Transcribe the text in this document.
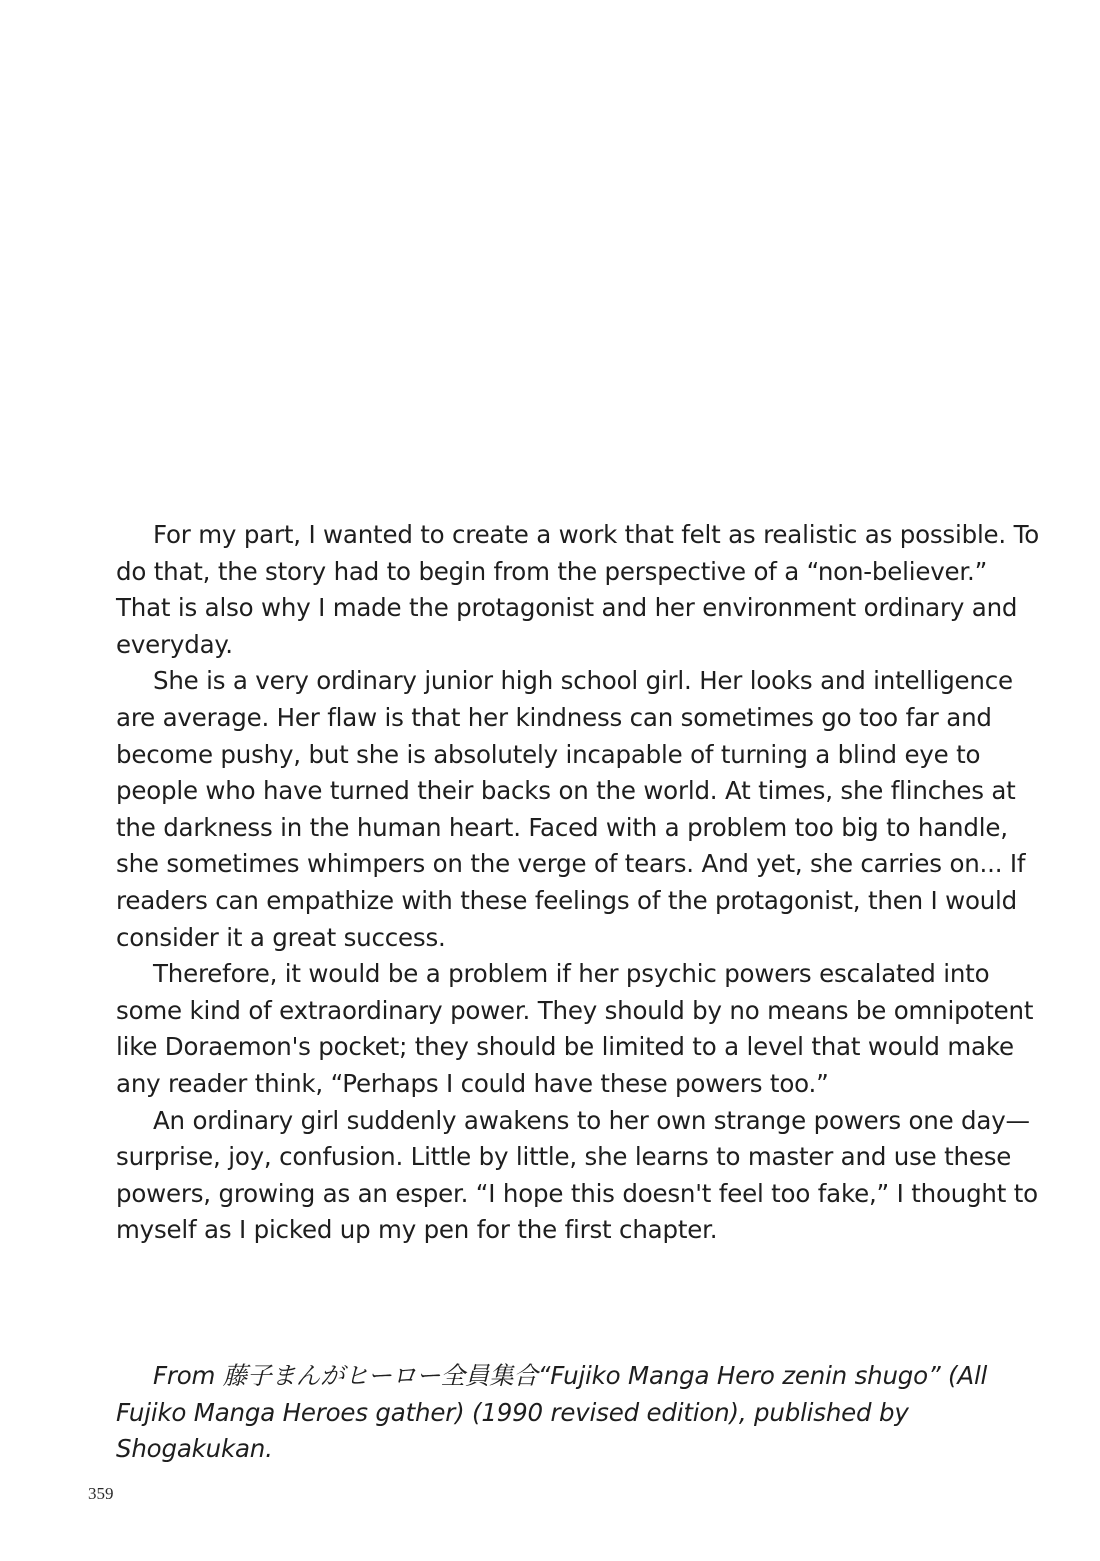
For my part, I wanted to create a work that felt as realistic as possible. To do that, the story had to begin from the perspective of a “non-believer.” That is also why I made the protagonist and her environment ordinary and everyday.

She is a very ordinary junior high school girl. Her looks and intelligence are average. Her flaw is that her kindness can sometimes go too far and become pushy, but she is absolutely incapable of turning a blind eye to people who have turned their backs on the world. At times, she flinches at the darkness in the human heart. Faced with a problem too big to handle, she sometimes whimpers on the verge of tears. And yet, she carries on... If readers can empathize with these feelings of the protagonist, then I would consider it a great success.

Therefore, it would be a problem if her psychic powers escalated into some kind of extraordinary power. They should by no means be omnipotent like Doraemon's pocket; they should be limited to a level that would make any reader think, “Perhaps I could have these powers too.”

An ordinary girl suddenly awakens to her own strange powers one day—surprise, joy, confusion. Little by little, she learns to master and use these powers, growing as an esper. “I hope this doesn't feel too fake,” I thought to myself as I picked up my pen for the first chapter.

From 藤子まんがヒーロー全員集合“Fujiko Manga Hero zenin shugo” (All Fujiko Manga Heroes gather) (1990 revised edition), published by Shogakukan.

359
